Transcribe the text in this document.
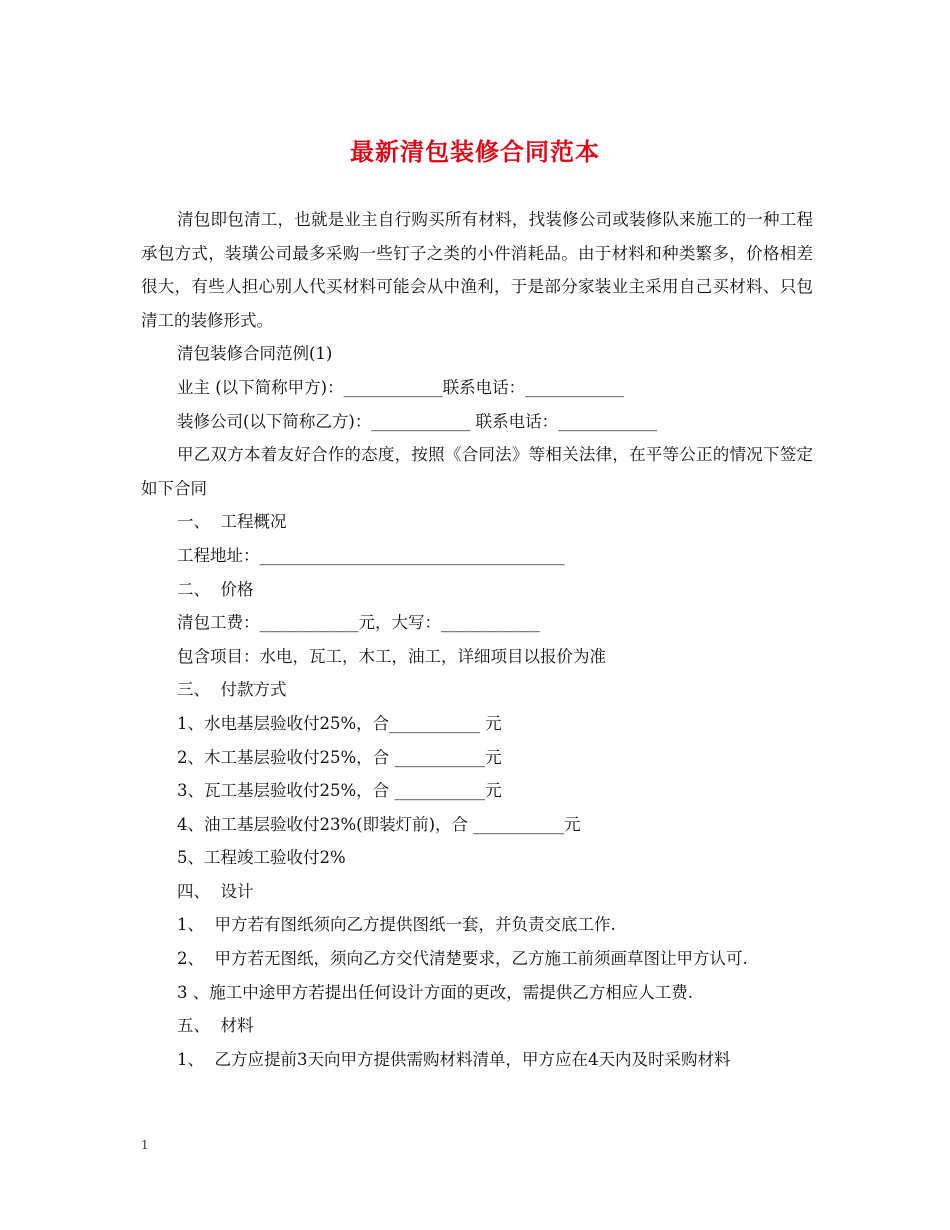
最新清包装修合同范本

清包即包清工，也就是业主自行购买所有材料，找装修公司或装修队来施工的一种工程承包方式，装璜公司最多采购一些钉子之类的小件消耗品。由于材料和种类繁多，价格相差很大，有些人担心别人代买材料可能会从中渔利，于是部分家装业主采用自己买材料、只包清工的装修形式。

清包装修合同范例(1)
业主 (以下简称甲方)：____________联系电话：____________
装修公司(以下简称乙方)：____________ 联系电话：____________

甲乙双方本着友好合作的态度，按照《合同法》等相关法律，在平等公正的情况下签定如下合同

一、  工程概况
工程地址：_____________________________________
二、  价格
清包工费：____________元，大写：____________
包含项目：水电，瓦工，木工，油工，详细项目以报价为准
三、  付款方式
1、水电基层验收付25%，合___________ 元
2、木工基层验收付25%，合 ___________元
3、瓦工基层验收付25%，合 ___________元
4、油工基层验收付23%(即装灯前)，合 ___________元
5、工程竣工验收付2%
四、  设计
1、  甲方若有图纸须向乙方提供图纸一套，并负责交底工作.
2、  甲方若无图纸，须向乙方交代清楚要求，乙方施工前须画草图让甲方认可.
3 、施工中途甲方若提出任何设计方面的更改，需提供乙方相应人工费.
五、  材料
1、  乙方应提前3天向甲方提供需购材料清单，甲方应在4天内及时采购材料
1
